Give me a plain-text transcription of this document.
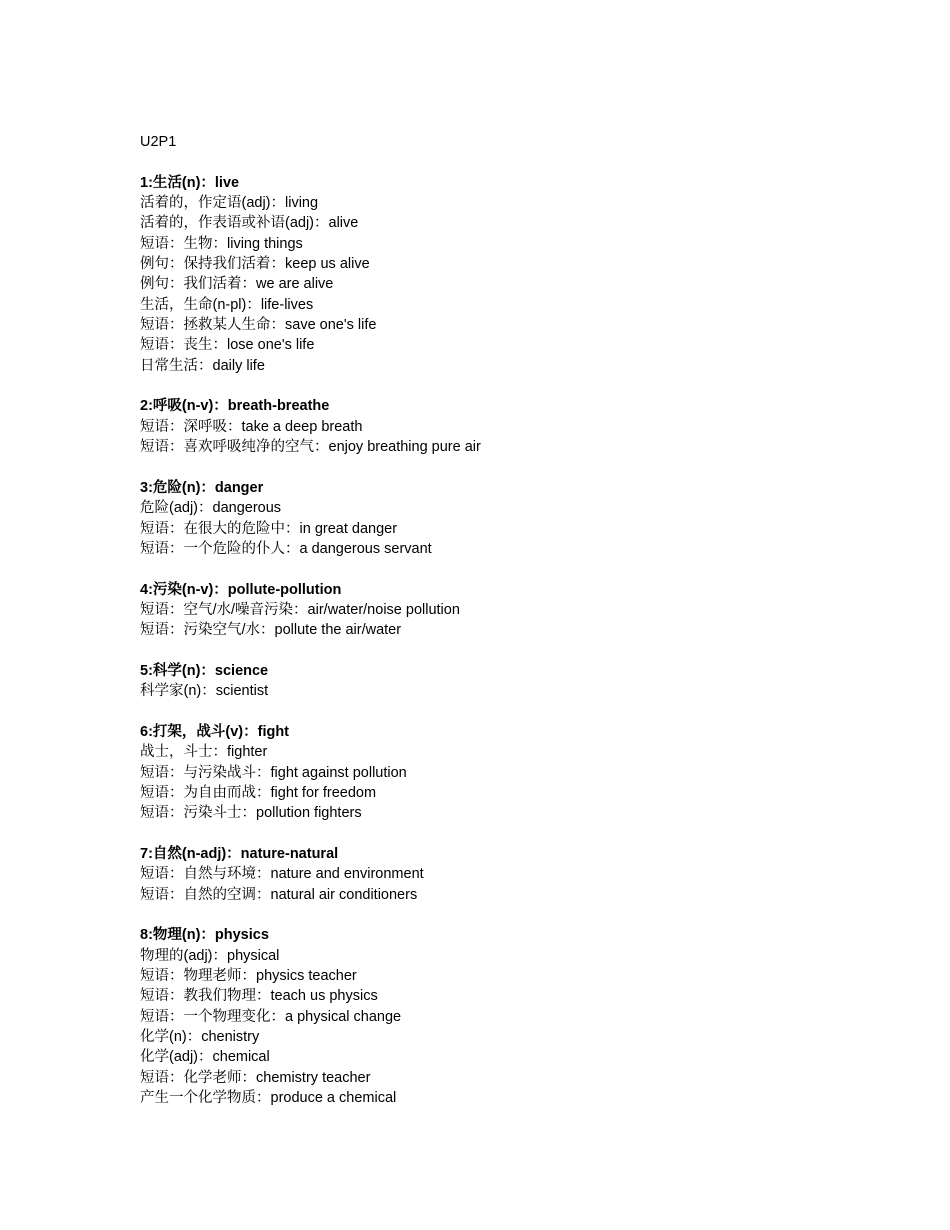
U2P1
1:生活(n)：live
活着的，作定语(adj)：living
活着的，作表语或补语(adj)：alive
短语：生物：living things
例句：保持我们活着：keep us alive
例句：我们活着：we are alive
生活，生命(n-pl)：life-lives
短语：拯救某人生命：save one's life
短语：丧生：lose one's life
日常生活：daily life
2:呼吸(n-v)：breath-breathe
短语：深呼吸：take a deep breath
短语：喜欢呼吸纯净的空气：enjoy breathing pure air
3:危险(n)：danger
危险(adj)：dangerous
短语：在很大的危险中：in great danger
短语：一个危险的仆人：a dangerous servant
4:污染(n-v)：pollute-pollution
短语：空气/水/噪音污染：air/water/noise pollution
短语：污染空气/水：pollute the air/water
5:科学(n)：science
科学家(n)：scientist
6:打架，战斗(v)：fight
战士，斗士：fighter
短语：与污染战斗：fight against pollution
短语：为自由而战：fight for freedom
短语：污染斗士：pollution fighters
7:自然(n-adj)：nature-natural
短语：自然与环境：nature and environment
短语：自然的空调：natural air conditioners
8:物理(n)：physics
物理的(adj)：physical
短语：物理老师：physics teacher
短语：教我们物理：teach us physics
短语：一个物理变化：a physical change
化学(n)：chenistry
化学(adj)：chemical
短语：化学老师：chemistry teacher
产生一个化学物质：produce a chemical
